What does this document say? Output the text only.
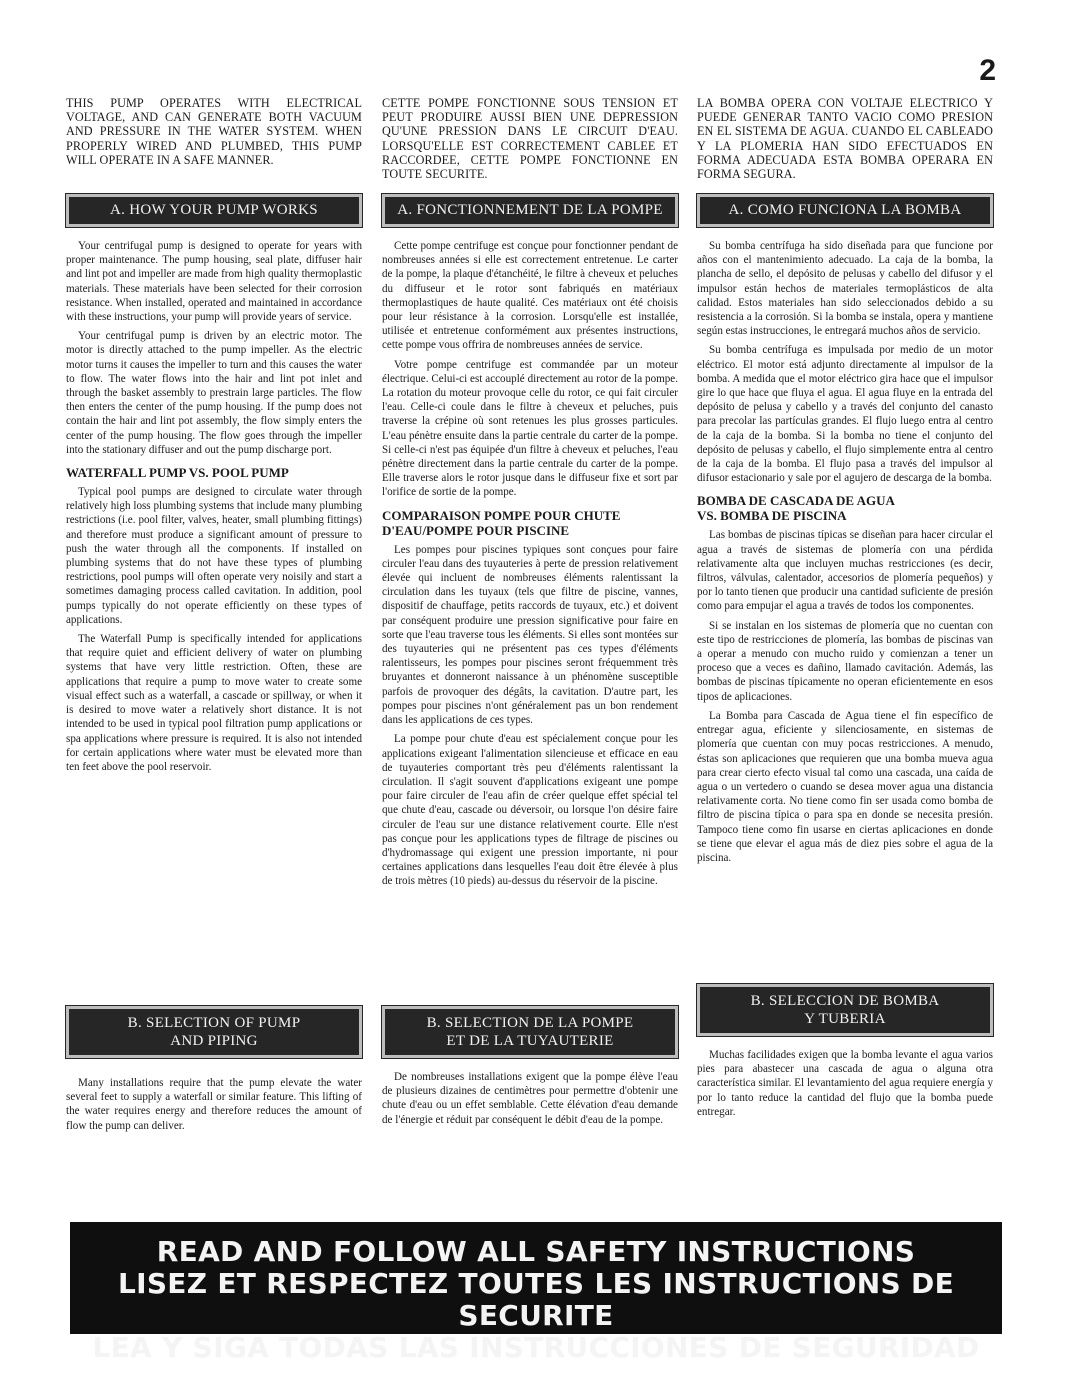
2

THIS PUMP OPERATES WITH ELECTRICAL VOLTAGE, AND CAN GENERATE BOTH VACUUM AND PRESSURE IN THE WATER SYSTEM. WHEN PROPERLY WIRED AND PLUMBED, THIS PUMP WILL OPERATE IN A SAFE MANNER.

A. HOW YOUR PUMP WORKS

Your centrifugal pump is designed to operate for years with proper maintenance. The pump housing, seal plate, diffuser hair and lint pot and impeller are made from high quality thermoplastic materials. These materials have been selected for their corrosion resistance. When installed, operated and maintained in accordance with these instructions, your pump will provide years of service.

Your centrifugal pump is driven by an electric motor. The motor is directly attached to the pump impeller. As the electric motor turns it causes the impeller to turn and this causes the water to flow. The water flows into the hair and lint pot inlet and through the basket assembly to prestrain large particles. The flow then enters the center of the pump housing. If the pump does not contain the hair and lint pot assembly, the flow simply enters the center of the pump housing. The flow goes through the impeller into the stationary diffuser and out the pump discharge port.

WATERFALL PUMP VS. POOL PUMP

Typical pool pumps are designed to circulate water through relatively high loss plumbing systems that include many plumbing restrictions (i.e. pool filter, valves, heater, small plumbing fittings) and therefore must produce a significant amount of pressure to push the water through all the components. If installed on plumbing systems that do not have these types of plumbing restrictions, pool pumps will often operate very noisily and start a sometimes damaging process called cavitation. In addition, pool pumps typically do not operate efficiently on these types of applications.

The Waterfall Pump is specifically intended for applications that require quiet and efficient delivery of water on plumbing systems that have very little restriction. Often, these are applications that require a pump to move water to create some visual effect such as a waterfall, a cascade or spillway, or when it is desired to move water a relatively short distance. It is not intended to be used in typical pool filtration pump applications or spa applications where pressure is required. It is also not intended for certain applications where water must be elevated more than ten feet above the pool reservoir.

CETTE POMPE FONCTIONNE SOUS TENSION ET PEUT PRODUIRE AUSSI BIEN UNE DEPRESSION QU'UNE PRESSION DANS LE CIRCUIT D'EAU. LORSQU'ELLE EST CORRECTEMENT CABLEE ET RACCORDEE, CETTE POMPE FONCTIONNE EN TOUTE SECURITE.

A. FONCTIONNEMENT DE LA POMPE

Cette pompe centrifuge est conçue pour fonctionner pendant de nombreuses années si elle est correctement entretenue. Le carter de la pompe, la plaque d'étanchéité, le filtre à cheveux et peluches du diffuseur et le rotor sont fabriqués en matériaux thermoplastiques de haute qualité. Ces matériaux ont été choisis pour leur résistance à la corrosion. Lorsqu'elle est installée, utilisée et entretenue conformément aux présentes instructions, cette pompe vous offrira de nombreuses années de service.

Votre pompe centrifuge est commandée par un moteur électrique. Celui-ci est accouplé directement au rotor de la pompe. La rotation du moteur provoque celle du rotor, ce qui fait circuler l'eau. Celle-ci coule dans le filtre à cheveux et peluches, puis traverse la crépine où sont retenues les plus grosses particules. L'eau pénètre ensuite dans la partie centrale du carter de la pompe. Si celle-ci n'est pas équipée d'un filtre à cheveux et peluches, l'eau pénètre directement dans la partie centrale du carter de la pompe. Elle traverse alors le rotor jusque dans le diffuseur fixe et sort par l'orifice de sortie de la pompe.

COMPARAISON POMPE POUR CHUTE
D'EAU/POMPE POUR PISCINE

Les pompes pour piscines typiques sont conçues pour faire circuler l'eau dans des tuyauteries à perte de pression relativement élevée qui incluent de nombreuses éléments ralentissant la circulation dans les tuyaux (tels que filtre de piscine, vannes, dispositif de chauffage, petits raccords de tuyaux, etc.) et doivent par conséquent produire une pression significative pour faire en sorte que l'eau traverse tous les éléments. Si elles sont montées sur des tuyauteries qui ne présentent pas ces types d'éléments ralentisseurs, les pompes pour piscines seront fréquemment très bruyantes et donneront naissance à un phénomène susceptible parfois de provoquer des dégâts, la cavitation. D'autre part, les pompes pour piscines n'ont généralement pas un bon rendement dans les applications de ces types.

La pompe pour chute d'eau est spécialement conçue pour les applications exigeant l'alimentation silencieuse et efficace en eau de tuyauteries comportant très peu d'éléments ralentissant la circulation. Il s'agit souvent d'applications exigeant une pompe pour faire circuler de l'eau afin de créer quelque effet spécial tel que chute d'eau, cascade ou déversoir, ou lorsque l'on désire faire circuler de l'eau sur une distance relativement courte. Elle n'est pas conçue pour les applications types de filtrage de piscines ou d'hydromassage qui exigent une pression importante, ni pour certaines applications dans lesquelles l'eau doit être élevée à plus de trois mètres (10 pieds) au-dessus du réservoir de la piscine.

LA BOMBA OPERA CON VOLTAJE ELECTRICO Y PUEDE GENERAR TANTO VACIO COMO PRESION EN EL SISTEMA DE AGUA. CUANDO EL CABLEADO Y LA PLOMERIA HAN SIDO EFECTUADOS EN FORMA ADECUADA ESTA BOMBA OPERARA EN FORMA SEGURA.

A. COMO FUNCIONA LA BOMBA

Su bomba centrífuga ha sido diseñada para que funcione por años con el mantenimiento adecuado. La caja de la bomba, la plancha de sello, el depósito de pelusas y cabello del difusor y el impulsor están hechos de materiales termoplásticos de alta calidad. Estos materiales han sido seleccionados debido a su resistencia a la corrosión. Si la bomba se instala, opera y mantiene según estas instrucciones, le entregará muchos años de servicio.

Su bomba centrífuga es impulsada por medio de un motor eléctrico. El motor está adjunto directamente al impulsor de la bomba. A medida que el motor eléctrico gira hace que el impulsor gire lo que hace que fluya el agua. El agua fluye en la entrada del depósito de pelusa y cabello y a través del conjunto del canasto para precolar las partículas grandes. El flujo luego entra al centro de la caja de la bomba. Si la bomba no tiene el conjunto del depósito de pelusas y cabello, el flujo simplemente entra al centro de la caja de la bomba. El flujo pasa a través del impulsor al difusor estacionario y sale por el agujero de descarga de la bomba.

BOMBA DE CASCADA DE AGUA
VS. BOMBA DE PISCINA

Las bombas de piscinas típicas se diseñan para hacer circular el agua a través de sistemas de plomería con una pérdida relativamente alta que incluyen muchas restricciones (es decir, filtros, válvulas, calentador, accesorios de plomería pequeños) y por lo tanto tienen que producir una cantidad suficiente de presión como para empujar el agua a través de todos los componentes.

Si se instalan en los sistemas de plomería que no cuentan con este tipo de restricciones de plomería, las bombas de piscinas van a operar a menudo con mucho ruido y comienzan a tener un proceso que a veces es dañino, llamado cavitación. Además, las bombas de piscinas típicamente no operan eficientemente en esos tipos de aplicaciones.

La Bomba para Cascada de Agua tiene el fin específico de entregar agua, eficiente y silenciosamente, en sistemas de plomería que cuentan con muy pocas restricciones. A menudo, éstas son aplicaciones que requieren que una bomba mueva agua para crear cierto efecto visual tal como una cascada, una caída de agua o un vertedero o cuando se desea mover agua una distancia relativamente corta. No tiene como fin ser usada como bomba de filtro de piscina típica o para spa en donde se necesita presión. Tampoco tiene como fin usarse en ciertas aplicaciones en donde se tiene que elevar el agua más de diez pies sobre el agua de la piscina.

B. SELECTION OF PUMP
AND PIPING

Many installations require that the pump elevate the water several feet to supply a waterfall or similar feature. This lifting of the water requires energy and therefore reduces the amount of flow the pump can deliver.

B. SELECTION DE LA POMPE
ET DE LA TUYAUTERIE

De nombreuses installations exigent que la pompe élève l'eau de plusieurs dizaines de centimètres pour permettre d'obtenir une chute d'eau ou un effet semblable. Cette élévation d'eau demande de l'énergie et réduit par conséquent le débit d'eau de la pompe.

B. SELECCION DE BOMBA
Y TUBERIA

Muchas facilidades exigen que la bomba levante el agua varios pies para abastecer una cascada de agua o alguna otra característica similar. El levantamiento del agua requiere energía y por lo tanto reduce la cantidad del flujo que la bomba puede entregar.

READ AND FOLLOW ALL SAFETY INSTRUCTIONS
LISEZ ET RESPECTEZ TOUTES LES INSTRUCTIONS DE SECURITE
LEA Y SIGA TODAS LAS INSTRUCCIONES DE SEGURIDAD
